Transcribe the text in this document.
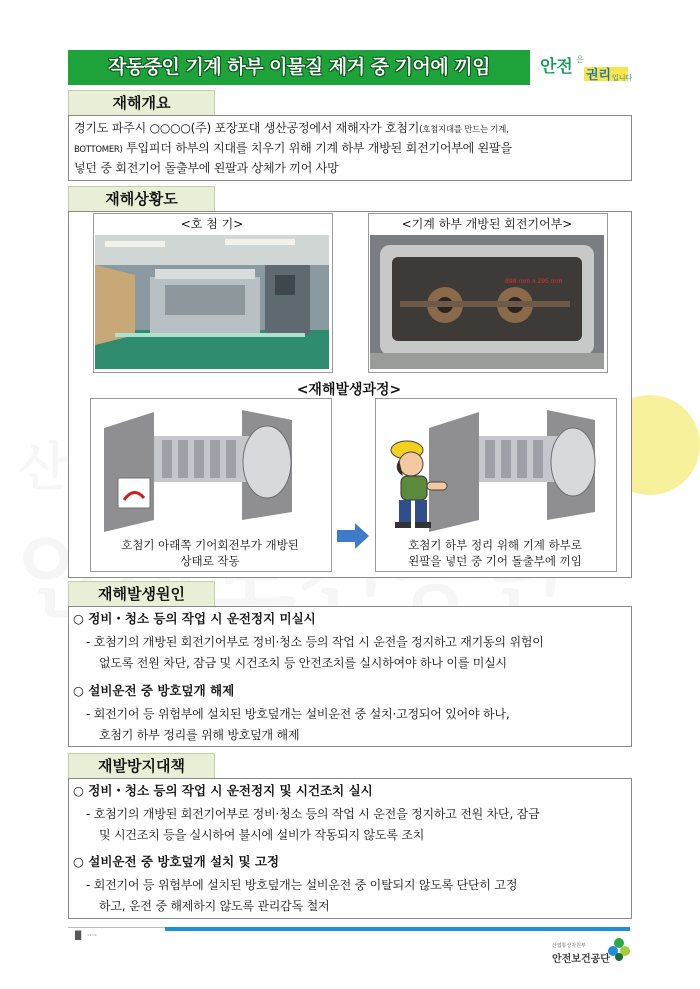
작동중인 기계 하부 이물질 제거 중 기어에 끼임	안전 은
권리 입니다
재해개요
경기도 파주시 ○○○○(주) 포장포대 생산공정에서 재해자가 호첨기(호첨지대를 만드는 기계,
BOTTOMER) 투입피더 하부의 지대를 치우기 위해 기계 하부 개방된 회전기어부에 왼팔을
넣던 중 회전기어 돌출부에 왼팔과 상체가 끼어 사망
재해상황도
<호 첨 기>	<기계 하부 개방된 회전기어부>
898 mm x 295 mm
<재해발생과정>
호첨기 아래쪽 기어회전부가 개방된
상태로 작동
호첨기 하부 정리 위해 기계 하부로
왼팔을 넣던 중 기어 돌출부에 끼임
재해발생원인
○ 정비・청소 등의 작업 시 운전정지 미실시
- 호첨기의 개방된 회전기어부로 정비·청소 등의 작업 시 운전을 정지하고 재기동의 위험이
없도록 전원 차단, 잠금 및 시건조치 등 안전조치를 실시하여야 하나 이를 미실시
○ 설비운전 중 방호덮개 해제
- 회전기어 등 위험부에 설치된 방호덮개는 설비운전 중 설치·고정되어 있어야 하나,
호첨기 하부 정리를 위해 방호덮개 해제
재발방지대책
○ 정비・청소 등의 작업 시 운전정지 및 시건조치 실시
- 호첨기의 개방된 회전기어부로 정비·청소 등의 작업 시 운전을 정지하고 전원 차단, 잠금
및 시건조치 등을 실시하여 불시에 설비가 작동되지 않도록 조치
○ 설비운전 중 방호덮개 설치 및 고정
- 회전기어 등 위험부에 설치된 방호덮개는 설비운전 중 이탈되지 않도록 단단히 고정
하고, 운전 중 해제하지 않도록 관리감독 철저
▐▌ ····
산업통상자원부
안전보건공단
